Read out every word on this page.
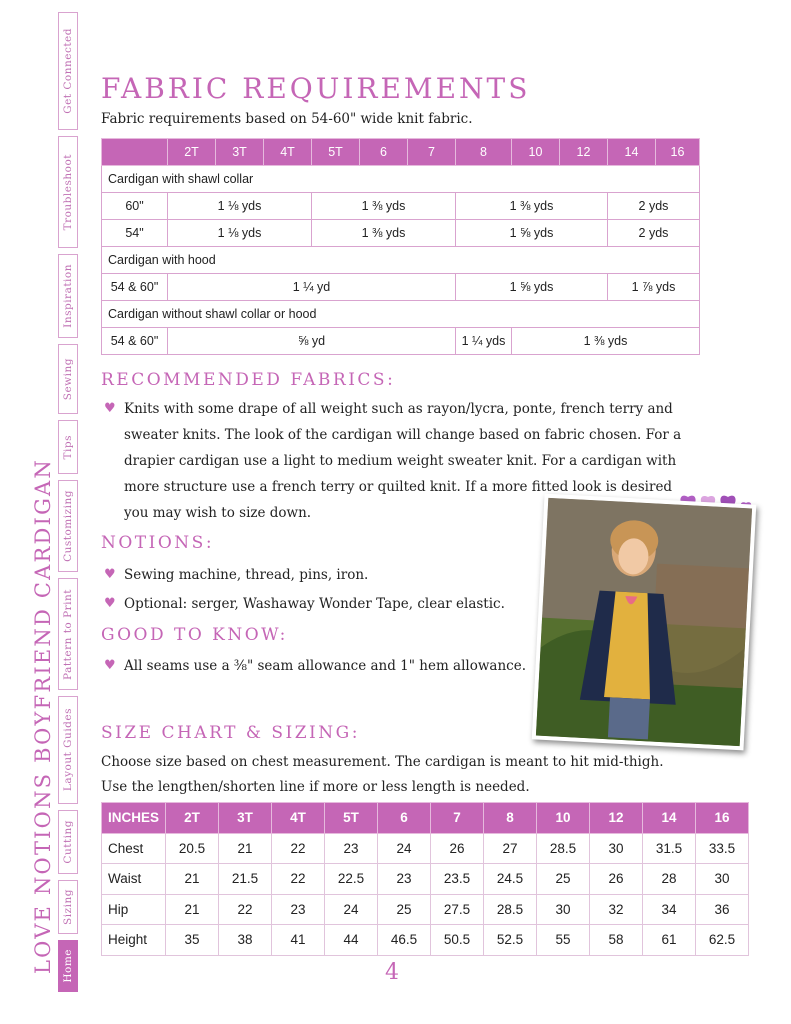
Get Connected
Troubleshoot
Inspiration
Sewing
Tips
Customizing
Pattern to Print
Layout Guides
Cutting
Sizing
Home
LOVE NOTIONS BOYFRIEND CARDIGAN
FABRIC REQUIREMENTS

Fabric requirements based on 54-60" wide knit fabric.

	2T	3T	4T	5T	6	7	8	10	12	14	16
Cardigan with shawl collar											
60"	1 ⅛ yds			1 ⅜ yds			1 ⅜ yds			2 yds	
54"	1 ⅛ yds			1 ⅜ yds			1 ⅝ yds			2 yds	
Cardigan with hood											
54 & 60"	1 ¼ yd						1 ⅝ yds			1 ⅞ yds	
Cardigan without shawl collar or hood											
54 & 60"	⅝ yd						1 ¼ yds	1 ⅜ yds			
RECOMMENDED FABRICS:
♥ Knits with some drape of all weight such as rayon/lycra, ponte, french terry and sweater knits. The look of the cardigan will change based on fabric chosen. For a drapier cardigan use a light to medium weight sweater knit. For a cardigan with more structure use a french terry or quilted knit. If a more fitted look is desired you may wish to size down.
NOTIONS:
♥ Sewing machine, thread, pins, iron.
♥ Optional: serger, Washaway Wonder Tape, clear elastic.
GOOD TO KNOW:
♥ All seams use a ⅜" seam allowance and 1" hem allowance.
SIZE CHART & SIZING:

Choose size based on chest measurement. The cardigan is meant to hit mid-thigh.

Use the lengthen/shorten line if more or less length is needed.

INCHES	2T	3T	4T	5T	6	7	8	10	12	14	16
Chest	20.5	21	22	23	24	26	27	28.5	30	31.5	33.5
Waist	21	21.5	22	22.5	23	23.5	24.5	25	26	28	30
Hip	21	22	23	24	25	27.5	28.5	30	32	34	36
Height	35	38	41	44	46.5	50.5	52.5	55	58	61	62.5
4
